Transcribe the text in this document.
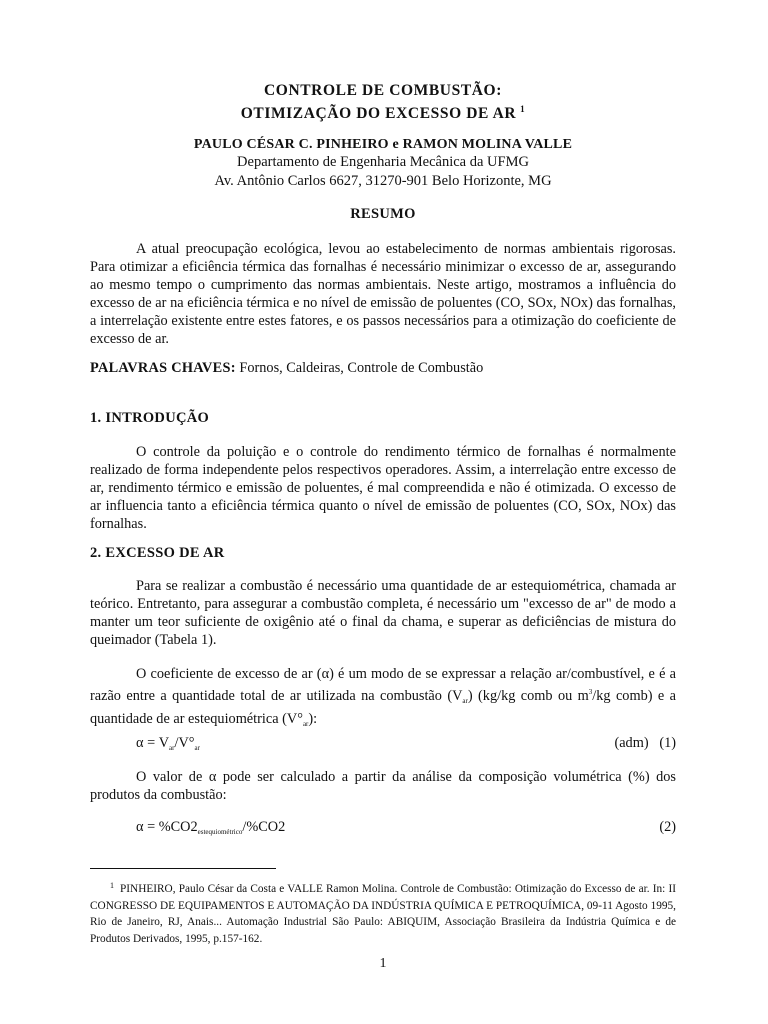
CONTROLE DE COMBUSTÃO:
OTIMIZAÇÃO DO EXCESSO DE AR $^1$
PAULO CÉSAR C. PINHEIRO e RAMON MOLINA VALLE
Departamento de Engenharia Mecânica da UFMG
Av. Antônio Carlos 6627, 31270-901 Belo Horizonte, MG
RESUMO

A atual preocupação ecológica, levou ao estabelecimento de normas ambientais rigorosas. Para otimizar a eficiência térmica das fornalhas é necessário minimizar o excesso de ar, assegurando ao mesmo tempo o cumprimento das normas ambientais. Neste artigo, mostramos a influência do excesso de ar na eficiência térmica e no nível de emissão de poluentes (CO, SOx, NOx) das fornalhas, a interrelação existente entre estes fatores, e os passos necessários para a otimização do coeficiente de excesso de ar.

PALAVRAS CHAVES: Fornos, Caldeiras, Controle de Combustão
1. INTRODUÇÃO

O controle da poluição e o controle do rendimento térmico de fornalhas é normalmente realizado de forma independente pelos respectivos operadores. Assim, a interrelação entre excesso de ar, rendimento térmico e emissão de poluentes, é mal compreendida e não é otimizada. O excesso de ar influencia tanto a eficiência térmica quanto o nível de emissão de poluentes (CO, SOx, NOx) das fornalhas.

2. EXCESSO DE AR

Para se realizar a combustão é necessário uma quantidade de ar estequiométrica, chamada ar teórico. Entretanto, para assegurar a combustão completa, é necessário um "excesso de ar" de modo a manter um teor suficiente de oxigênio até o final da chama, e superar as deficiências de mistura do queimador (Tabela 1).

O coeficiente de excesso de ar (α) é um modo de se expressar a relação ar/combustível, e é a razão entre a quantidade total de ar utilizada na combustão $(V_{ar})$ (kg/kg comb ou $m^3/kg$ comb) e a quantidade de ar estequiométrica $(V^\circ_{ar})$:

$\alpha = V_{ar}/V^\circ_{ar}$	(adm) (1)

O valor de α pode ser calculado a partir da análise da composição volumétrica (%) dos produtos da combustão:

$\alpha = \%CO2_{estequiométrico}/\%CO2$	(2)

$^1$ PINHEIRO, Paulo César da Costa e VALLE Ramon Molina. Controle de Combustão: Otimização do Excesso de ar. In: II CONGRESSO DE EQUIPAMENTOS E AUTOMAÇÃO DA INDÚSTRIA QUÍMICA E PETROQUÍMICA, 09-11 Agosto 1995, Rio de Janeiro, RJ, Anais... Automação Industrial São Paulo: ABIQUIM, Associação Brasileira da Indústria Química e de Produtos Derivados, 1995, p.157-162.

1
